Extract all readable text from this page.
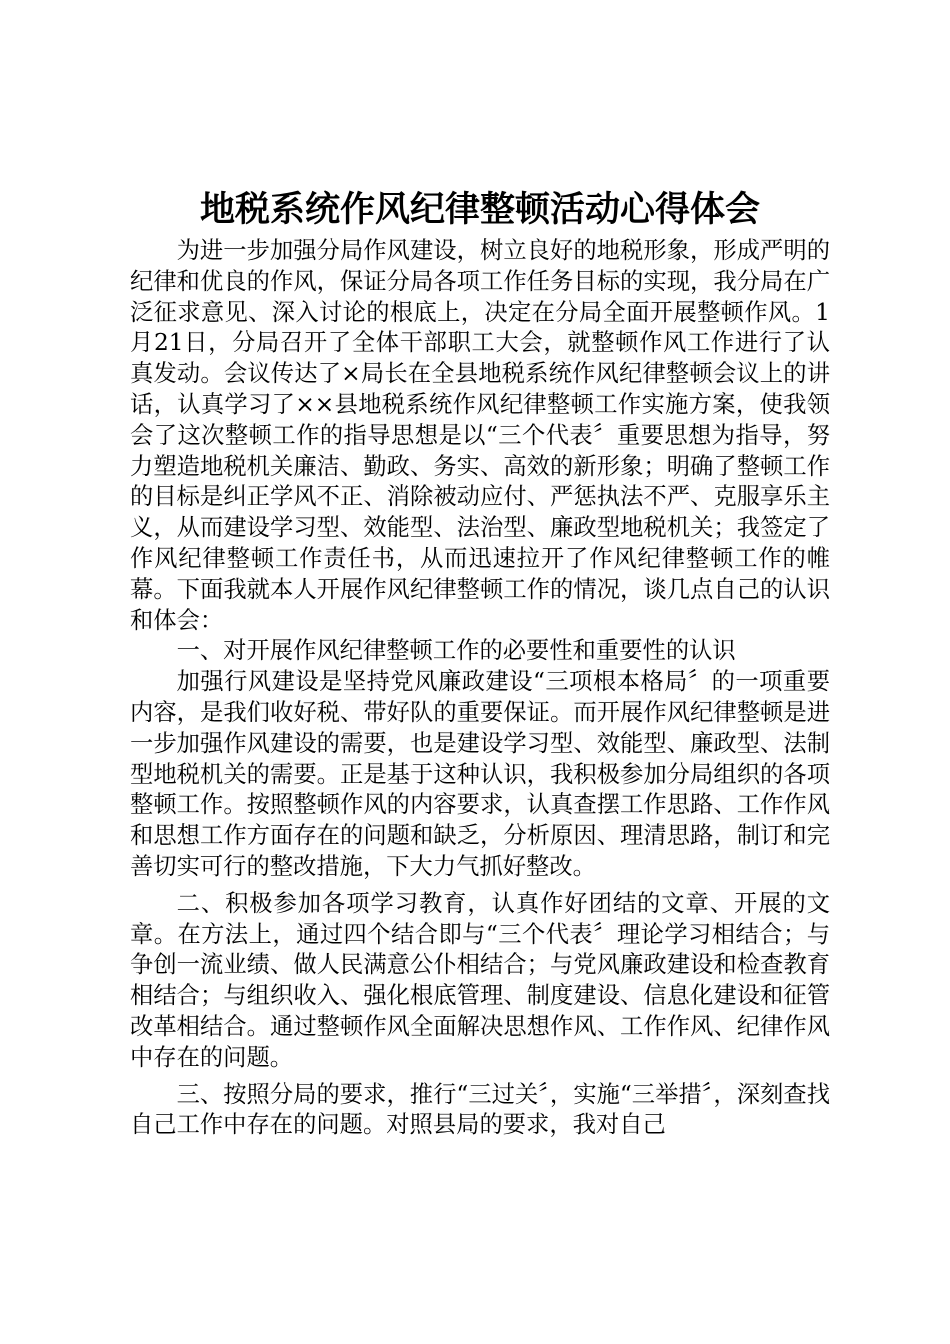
地税系统作风纪律整顿活动心得体会

为进一步加强分局作风建设，树立良好的地税形象，形成严明的纪律和优良的作风，保证分局各项工作任务目标的实现，我分局在广泛征求意见、深入讨论的根底上，决定在分局全面开展整顿作风。1月21日，分局召开了全体干部职工大会，就整顿作风工作进行了认真发动。会议传达了×局长在全县地税系统作风纪律整顿会议上的讲话，认真学习了××县地税系统作风纪律整顿工作实施方案，使我领会了这次整顿工作的指导思想是以“三个代表〞重要思想为指导，努力塑造地税机关廉洁、勤政、务实、高效的新形象；明确了整顿工作的目标是纠正学风不正、消除被动应付、严惩执法不严、克服享乐主义，从而建设学习型、效能型、法治型、廉政型地税机关；我签定了作风纪律整顿工作责任书，从而迅速拉开了作风纪律整顿工作的帷幕。下面我就本人开展作风纪律整顿工作的情况，谈几点自己的认识和体会：

一、对开展作风纪律整顿工作的必要性和重要性的认识

加强行风建设是坚持党风廉政建设“三项根本格局〞的一项重要内容，是我们收好税、带好队的重要保证。而开展作风纪律整顿是进一步加强作风建设的需要，也是建设学习型、效能型、廉政型、法制型地税机关的需要。正是基于这种认识，我积极参加分局组织的各项整顿工作。按照整顿作风的内容要求，认真查摆工作思路、工作作风和思想工作方面存在的问题和缺乏，分析原因、理清思路，制订和完善切实可行的整改措施，下大力气抓好整改。

二、积极参加各项学习教育，认真作好团结的文章、开展的文章。在方法上，通过四个结合即与“三个代表〞理论学习相结合；与争创一流业绩、做人民满意公仆相结合；与党风廉政建设和检查教育相结合；与组织收入、强化根底管理、制度建设、信息化建设和征管改革相结合。通过整顿作风全面解决思想作风、工作作风、纪律作风中存在的问题。

三、按照分局的要求，推行“三过关〞，实施“三举措〞，深刻查找自己工作中存在的问题。对照县局的要求，我对自己
